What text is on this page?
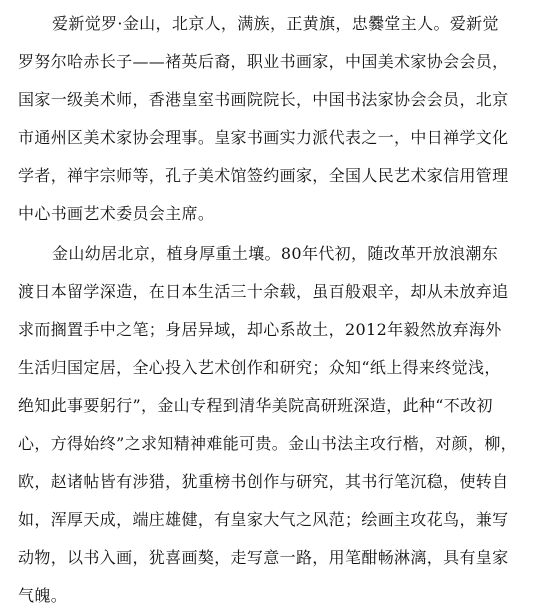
爱新觉罗·金山，北京人，满族，正黄旗，忠爨堂主人。爱新觉
罗努尔哈赤长子——褚英后裔，职业书画家，中国美术家协会会员，
国家一级美术师，香港皇室书画院院长，中国书法家协会会员，北京
市通州区美术家协会理事。皇家书画实力派代表之一，中日禅学文化
学者，禅宇宗师等，孔子美术馆签约画家，全国人民艺术家信用管理
中心书画艺术委员会主席。
金山幼居北京，植身厚重土壤。80年代初，随改革开放浪潮东
渡日本留学深造，在日本生活三十余载，虽百般艰辛，却从未放弃追
求而搁置手中之笔；身居异域，却心系故土，2012年毅然放弃海外
生活归国定居，全心投入艺术创作和研究；众知“纸上得来终觉浅，
绝知此事要躬行”，金山专程到清华美院高研班深造，此种“不改初
心，方得始终”之求知精神难能可贵。金山书法主攻行楷，对颜，柳，
欧，赵诸帖皆有涉猎，犹重榜书创作与研究，其书行笔沉稳，使转自
如，浑厚天成，端庄雄健，有皇家大气之风范；绘画主攻花鸟，兼写
动物，以书入画，犹喜画獒，走写意一路，用笔酣畅淋漓，具有皇家
气魄。
